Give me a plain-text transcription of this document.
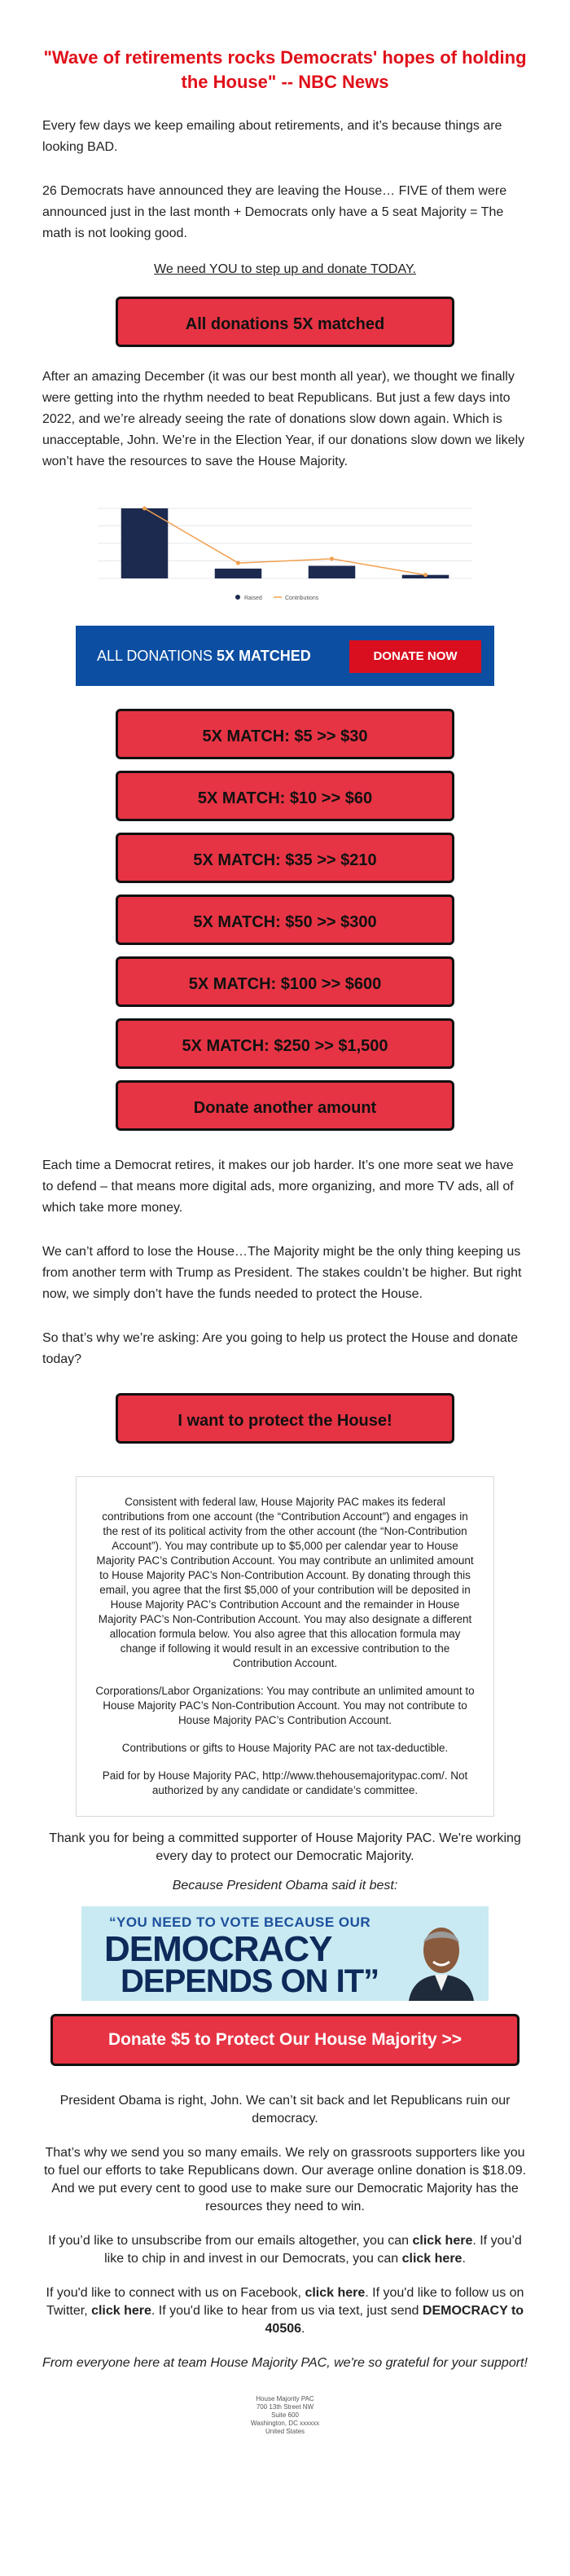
"Wave of retirements rocks Democrats' hopes of holding the House" -- NBC News

Every few days we keep emailing about retirements, and it’s because things are looking BAD.

26 Democrats have announced they are leaving the House… FIVE of them were announced just in the last month + Democrats only have a 5 seat Majority = The math is not looking good.

We need YOU to step up and donate TODAY.
All donations 5X matched

After an amazing December (it was our best month all year), we thought we finally were getting into the rhythm needed to beat Republicans. But just a few days into 2022, and we’re already seeing the rate of donations slow down again. Which is unacceptable, John. We’re in the Election Year, if our donations slow down we likely won’t have the resources to save the House Majority.

Raised	Contributions
ALL DONATIONS 5X MATCHED	DONATE NOW
5X MATCH: $5 >> $30
5X MATCH: $10 >> $60
5X MATCH: $35 >> $210
5X MATCH: $50 >> $300
5X MATCH: $100 >> $600
5X MATCH: $250 >> $1,500
Donate another amount

Each time a Democrat retires, it makes our job harder. It’s one more seat we have to defend – that means more digital ads, more organizing, and more TV ads, all of which take more money.

We can’t afford to lose the House…The Majority might be the only thing keeping us from another term with Trump as President. The stakes couldn’t be higher. But right now, we simply don’t have the funds needed to protect the House.

So that’s why we’re asking: Are you going to help us protect the House and donate today?

I want to protect the House!

Consistent with federal law, House Majority PAC makes its federal contributions from one account (the “Contribution Account”) and engages in the rest of its political activity from the other account (the “Non-Contribution Account”). You may contribute up to $5,000 per calendar year to House Majority PAC’s Contribution Account. You may contribute an unlimited amount to House Majority PAC’s Non-Contribution Account. By donating through this email, you agree that the first $5,000 of your contribution will be deposited in House Majority PAC’s Contribution Account and the remainder in House Majority PAC’s Non-Contribution Account. You may also designate a different allocation formula below. You also agree that this allocation formula may change if following it would result in an excessive contribution to the Contribution Account.

Corporations/Labor Organizations: You may contribute an unlimited amount to House Majority PAC’s Non-Contribution Account. You may not contribute to House Majority PAC’s Contribution Account.

Contributions or gifts to House Majority PAC are not tax-deductible.

Paid for by House Majority PAC, http://www.thehousemajoritypac.com/. Not authorized by any candidate or candidate’s committee.

Thank you for being a committed supporter of House Majority PAC. We're working every day to protect our Democratic Majority.

Because President Obama said it best:

“YOU NEED TO VOTE BECAUSE OUR
DEMOCRACY
DEPENDS ON IT”
Donate $5 to Protect Our House Majority >>

President Obama is right, John. We can’t sit back and let Republicans ruin our democracy.

That’s why we send you so many emails. We rely on grassroots supporters like you to fuel our efforts to take Republicans down. Our average online donation is $18.09. And we put every cent to good use to make sure our Democratic Majority has the resources they need to win.

If you’d like to unsubscribe from our emails altogether, you can click here. If you’d like to chip in and invest in our Democrats, you can click here.

If you'd like to connect with us on Facebook, click here. If you'd like to follow us on Twitter, click here. If you'd like to hear from us via text, just send DEMOCRACY to 40506.

From everyone here at team House Majority PAC, we're so grateful for your support!

House Majority PAC
700 13th Street NW
Suite 600
Washington, DC xxxxxx
United States
